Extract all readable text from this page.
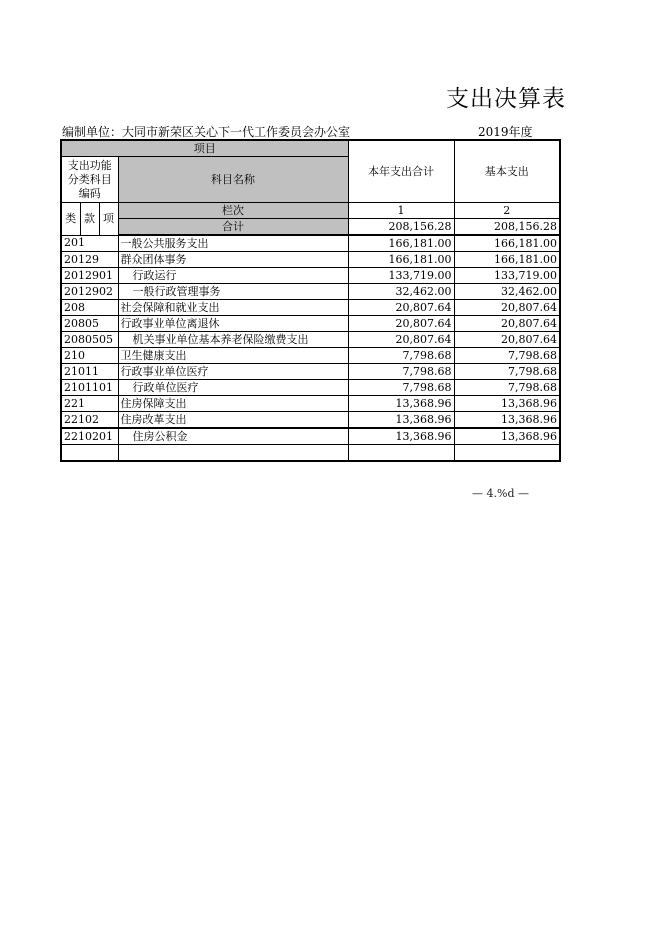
支出决算表
编制单位：大同市新荣区关心下一代工作委员会办公室	2019年度
项目				本年支出合计	基本支出
支出功能分类科目编码			科目名称		

类	款	项	栏次	1	2
			合计	208,156.28	208,156.28
201			一般公共服务支出	166,181.00	166,181.00
20129			群众团体事务	166,181.00	166,181.00
2012901			行政运行	133,719.00	133,719.00
2012902			一般行政管理事务	32,462.00	32,462.00
208			社会保障和就业支出	20,807.64	20,807.64
20805			行政事业单位离退休	20,807.64	20,807.64
2080505			机关事业单位基本养老保险缴费支出	20,807.64	20,807.64
210			卫生健康支出	7,798.68	7,798.68
21011			行政事业单位医疗	7,798.68	7,798.68
2101101			行政单位医疗	7,798.68	7,798.68
221			住房保障支出	13,368.96	13,368.96
22102			住房改革支出	13,368.96	13,368.96
2210201			住房公积金	13,368.96	13,368.96

— 4.%d —
